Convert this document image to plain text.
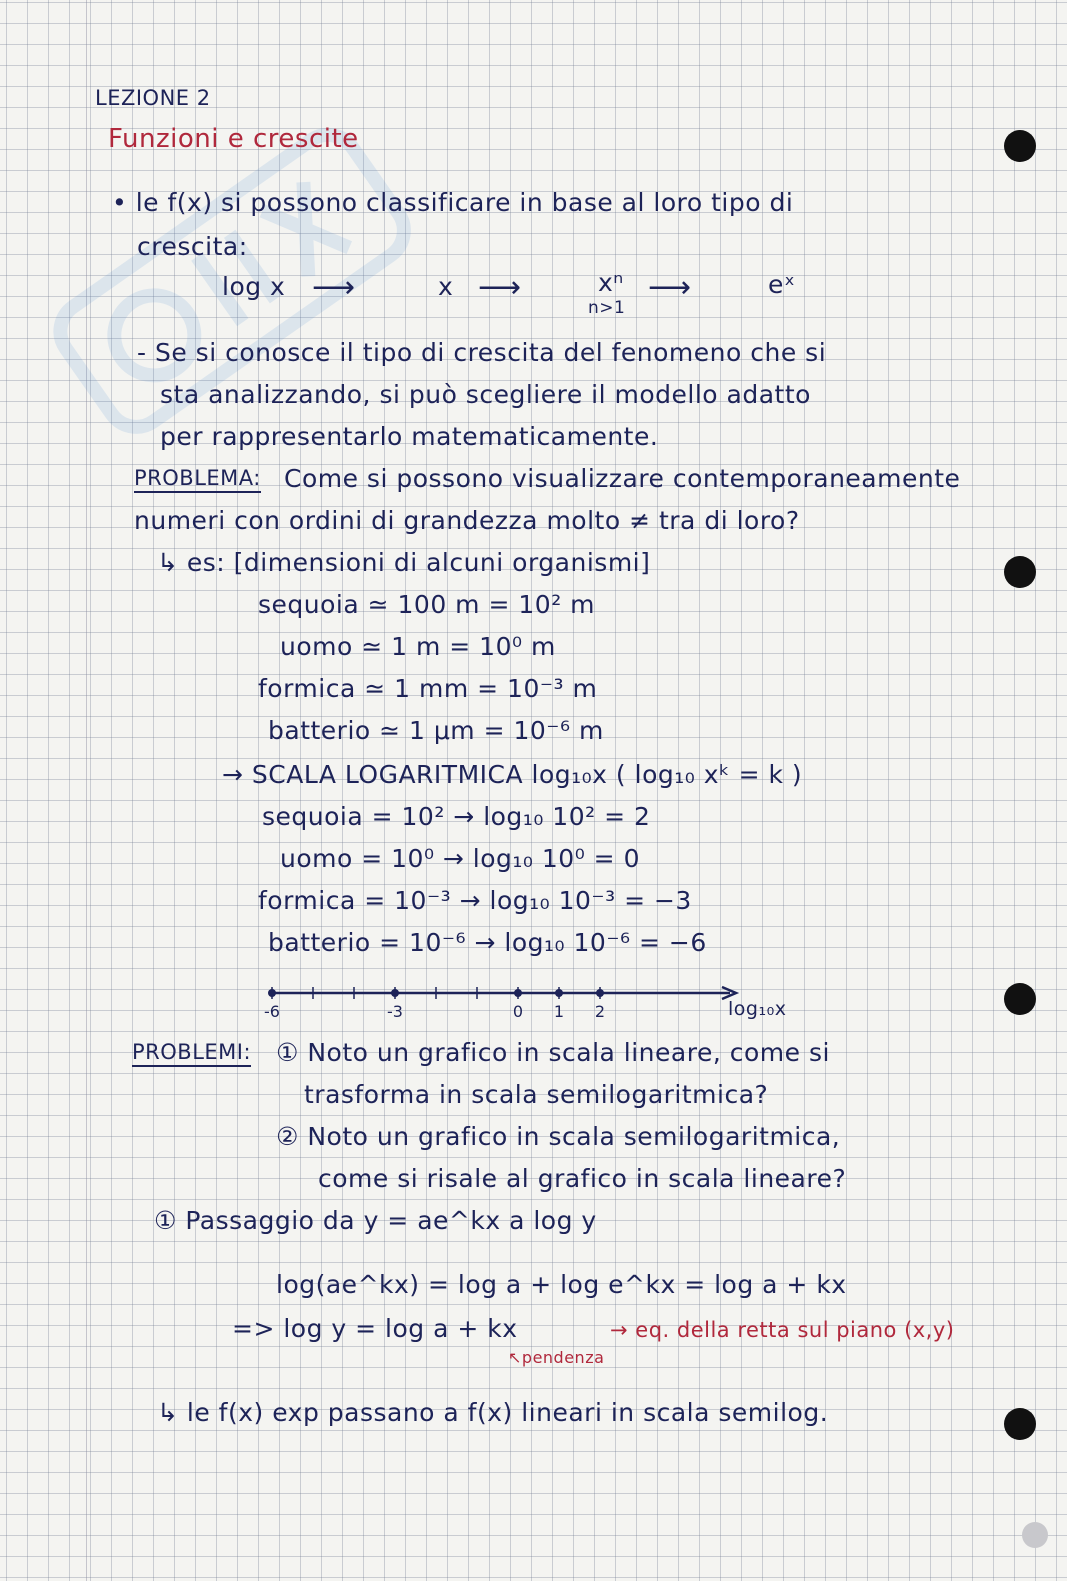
LEZIONE 2
Funzioni e crescite
• le f(x) si possono classificare in base al loro tipo di
crescita:
log x ⟶	x ⟶	xⁿ
n>1
⟶	eˣ
- Se si conosce il tipo di crescita del fenomeno che si
sta analizzando, si può scegliere il modello adatto
per rappresentarlo matematicamente.
PROBLEMA: Come si possono visualizzare contemporaneamente
numeri con ordini di grandezza molto ≠ tra di loro?
↳ es: [dimensioni di alcuni organismi]
sequoia ≃ 100 m = 10² m
uomo ≃ 1 m = 10⁰ m
formica ≃ 1 mm = 10⁻³ m
batterio ≃ 1 μm = 10⁻⁶ m
→ SCALA LOGARITMICA log₁₀x ( log₁₀ xᵏ = k )
sequoia = 10² → log₁₀ 10² = 2
uomo = 10⁰ → log₁₀ 10⁰ = 0
formica = 10⁻³ → log₁₀ 10⁻³ = −3
batterio = 10⁻⁶ → log₁₀ 10⁻⁶ = −6
-6	-3	0 1 2	log₁₀x
PROBLEMI: ① Noto un grafico in scala lineare, come si
trasforma in scala semilogaritmica?
② Noto un grafico in scala semilogaritmica,
come si risale al grafico in scala lineare?
① Passaggio da y = ae^kx a log y
log(ae^kx) = log a + log e^kx = log a + kx
=> log y = log a + kx	→ eq. della retta sul piano (x,y)
↖pendenza
↳ le f(x) exp passano a f(x) lineari in scala semilog.
